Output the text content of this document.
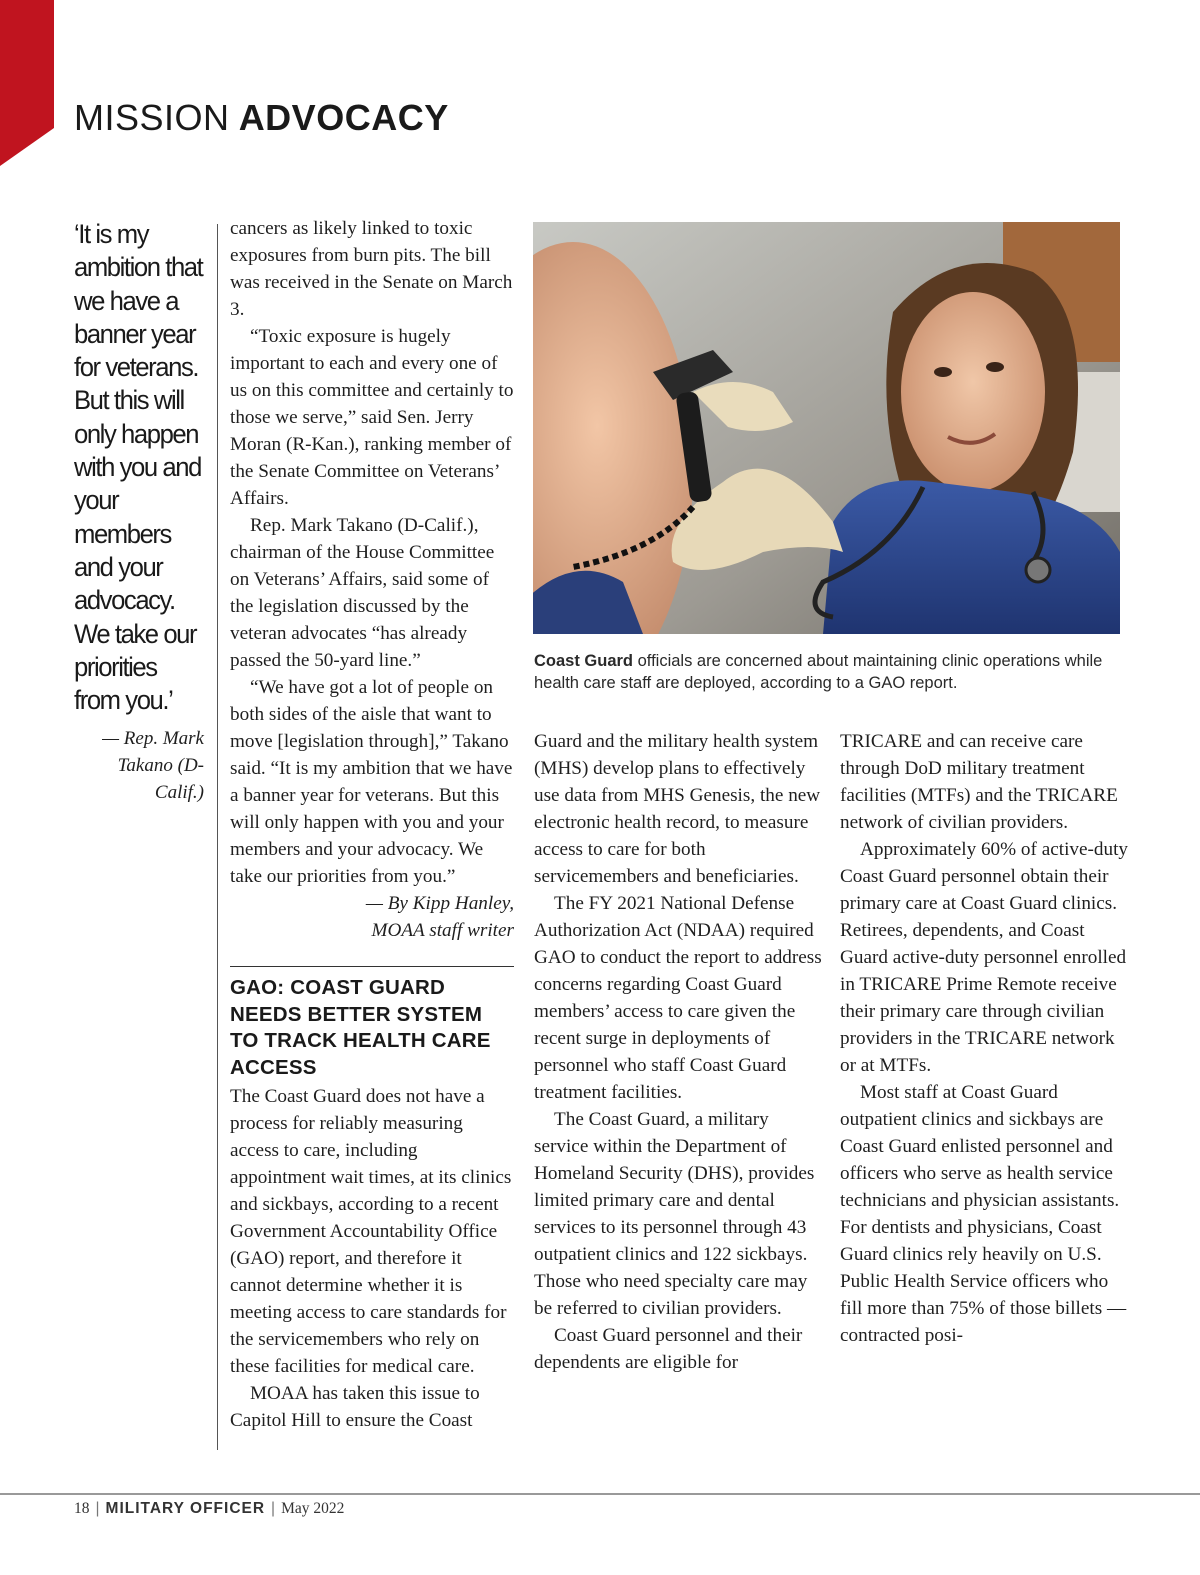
MISSION ADVOCACY

‘It is my ambition that we have a banner year for veterans. But this will only happen with you and your members and your advocacy. We take our priorities from you.’

— Rep. Mark Takano (D-Calif.)

cancers as likely linked to toxic exposures from burn pits. The bill was received in the Senate on March 3.

“Toxic exposure is hugely important to each and every one of us on this committee and certainly to those we serve,” said Sen. Jerry Moran (R-Kan.), ranking member of the Senate Committee on Veterans’ Affairs.

Rep. Mark Takano (D-Calif.), chairman of the House Committee on Veterans’ Affairs, said some of the legislation discussed by the veteran advocates “has already passed the 50-yard line.”

“We have got a lot of people on both sides of the aisle that want to move [legislation through],” Takano said. “It is my ambition that we have a banner year for veterans. But this will only happen with you and your members and your advocacy. We take our priorities from you.”

— By Kipp Hanley,

MOAA staff writer

GAO: COAST GUARD NEEDS BETTER SYSTEM TO TRACK HEALTH CARE ACCESS

The Coast Guard does not have a process for reliably measuring access to care, including appointment wait times, at its clinics and sickbays, according to a recent Government Accountability Office (GAO) report, and therefore it cannot determine whether it is meeting access to care standards for the servicemembers who rely on these facilities for medical care.

MOAA has taken this issue to Capitol Hill to ensure the Coast

Coast Guard officials are concerned about maintaining clinic operations while health care staff are deployed, according to a GAO report.

Guard and the military health system (MHS) develop plans to effectively use data from MHS Genesis, the new electronic health record, to measure access to care for both servicemembers and beneficiaries.

The FY 2021 National Defense Authorization Act (NDAA) required GAO to conduct the report to address concerns regarding Coast Guard members’ access to care given the recent surge in deployments of personnel who staff Coast Guard treatment facilities.

The Coast Guard, a military service within the Department of Homeland Security (DHS), provides limited primary care and dental services to its personnel through 43 outpatient clinics and 122 sickbays. Those who need specialty care may be referred to civilian providers.

Coast Guard personnel and their dependents are eligible for

TRICARE and can receive care through DoD military treatment facilities (MTFs) and the TRICARE network of civilian providers.

Approximately 60% of active-duty Coast Guard personnel obtain their primary care at Coast Guard clinics. Retirees, dependents, and Coast Guard active-duty personnel enrolled in TRICARE Prime Remote receive their primary care through civilian providers in the TRICARE network or at MTFs.

Most staff at Coast Guard outpatient clinics and sickbays are Coast Guard enlisted personnel and officers who serve as health service technicians and physician assistants. For dentists and physicians, Coast Guard clinics rely heavily on U.S. Public Health Service officers who fill more than 75% of those billets — contracted posi-

18 | MILITARY OFFICER | May 2022
